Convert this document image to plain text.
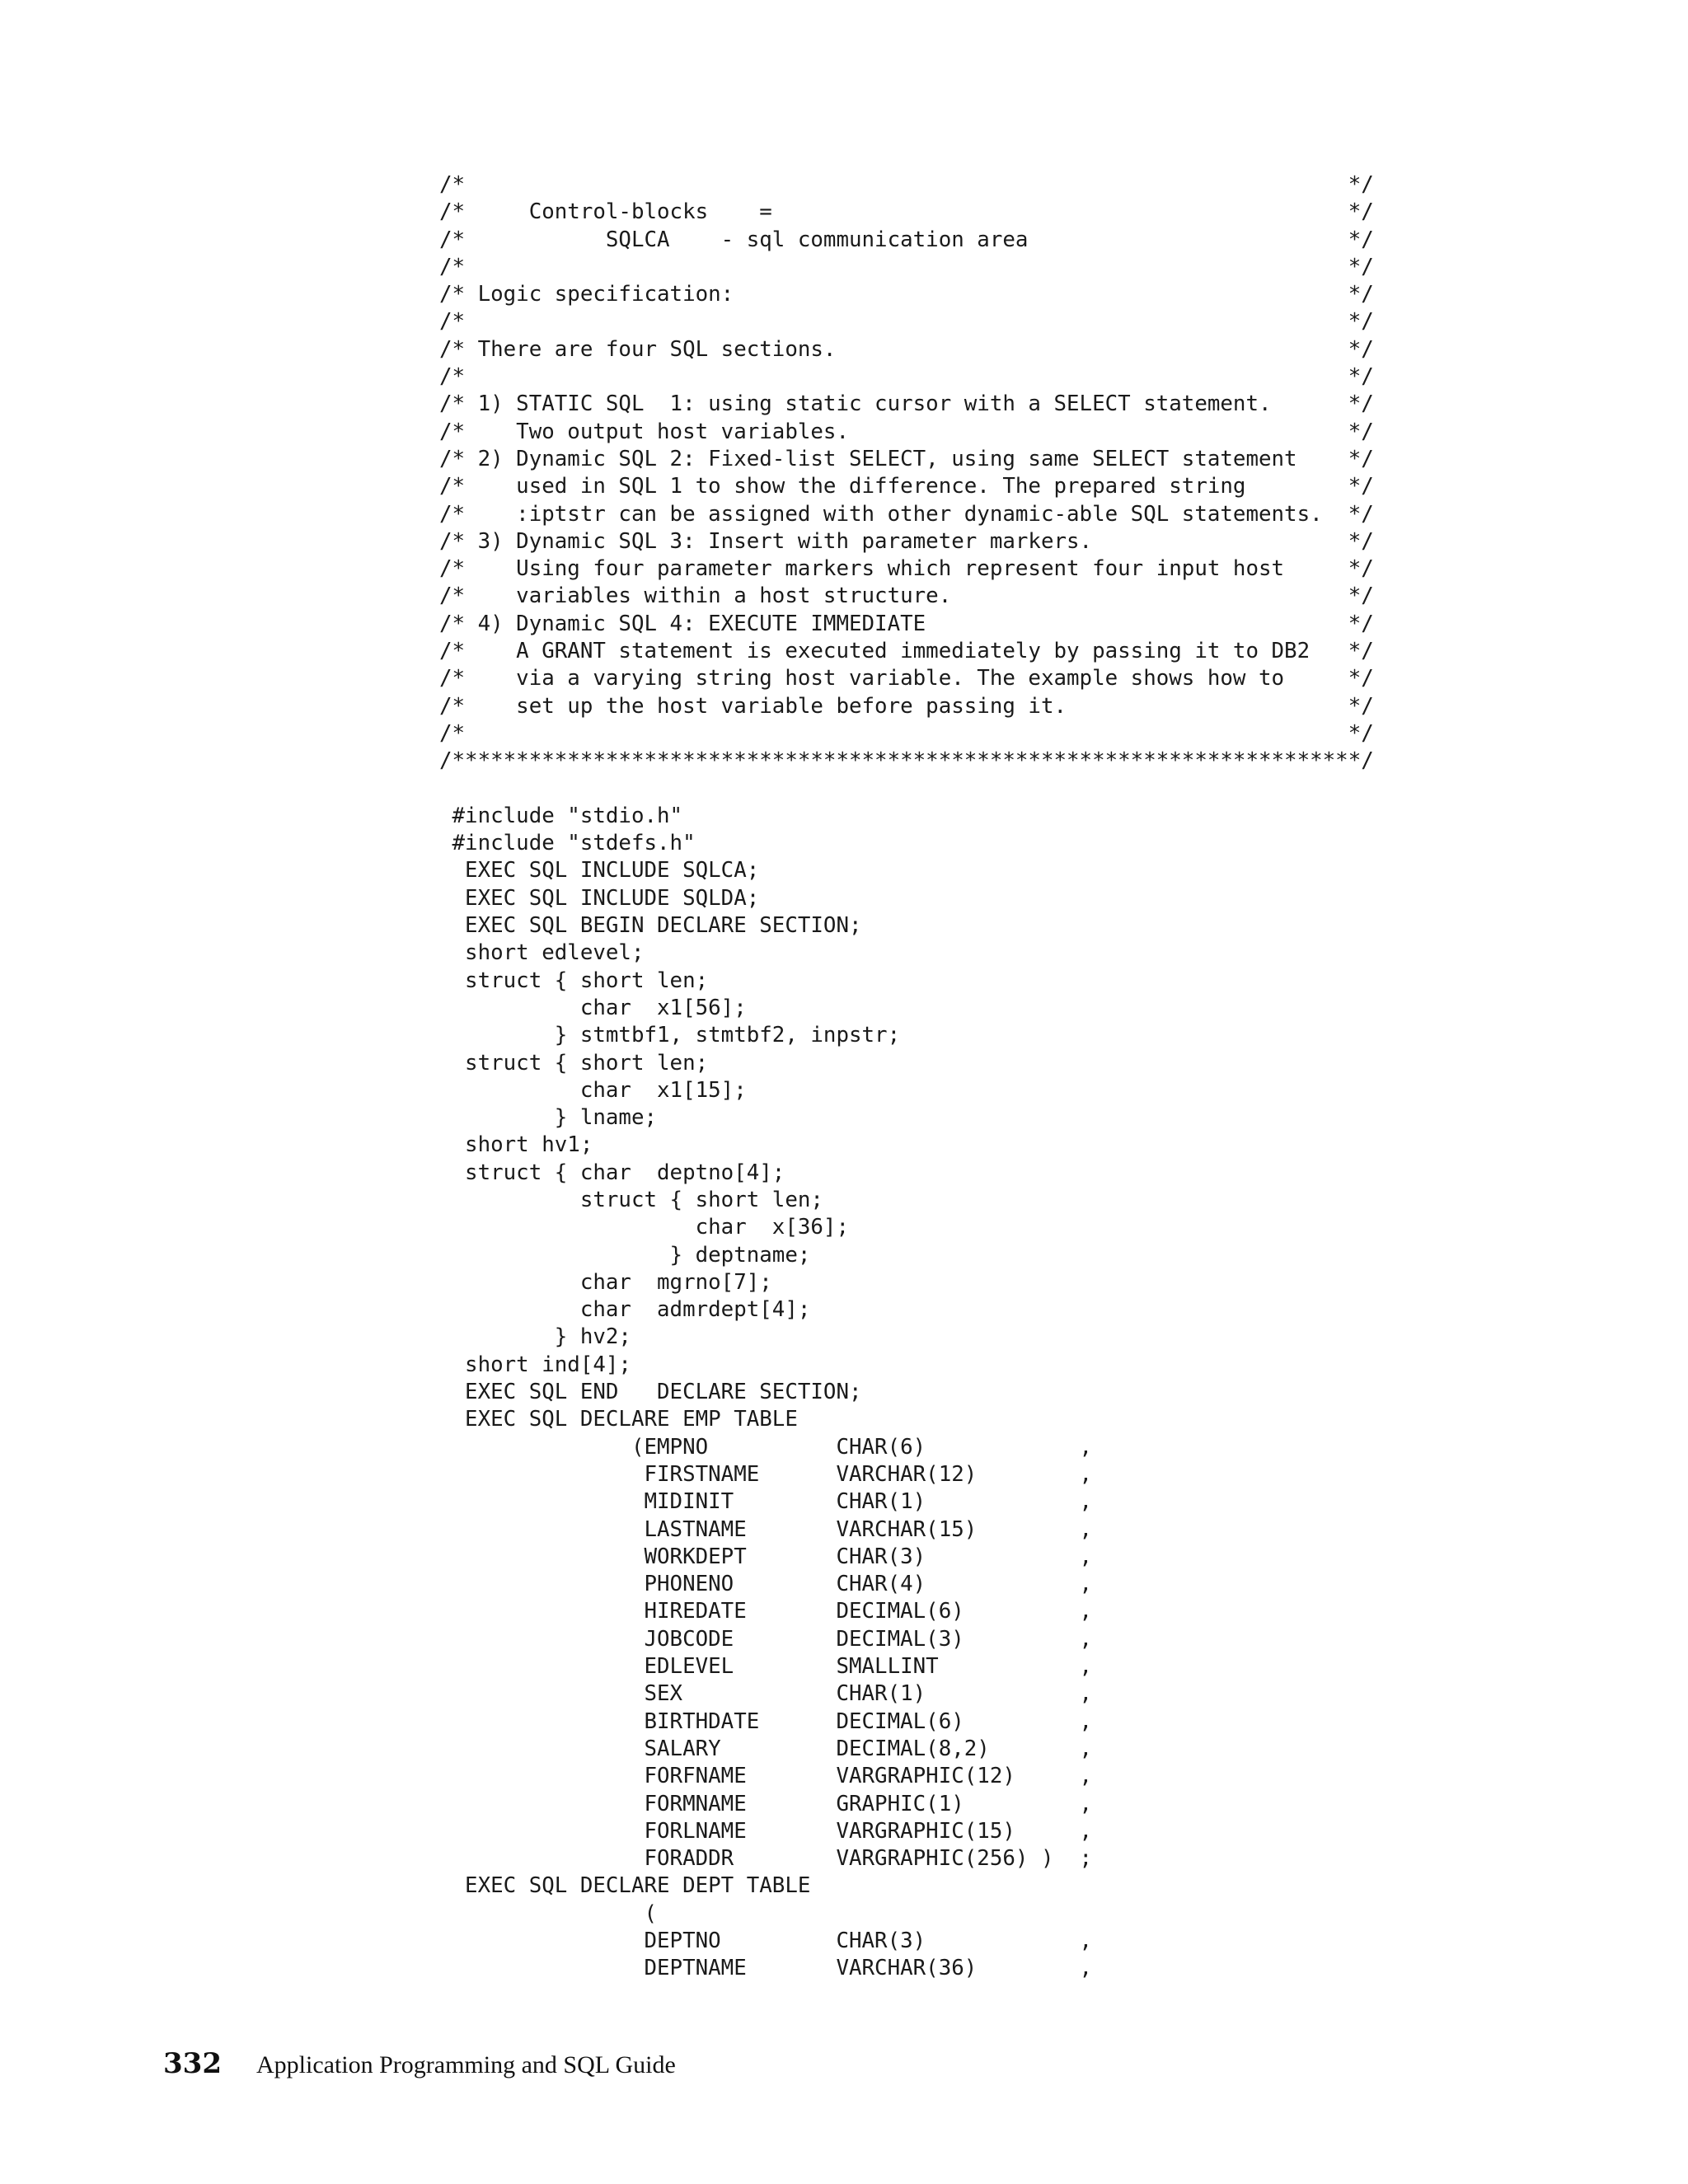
/*                                                                     */
/*     Control-blocks    =                                             */
/*           SQLCA    - sql communication area                         */
/*                                                                     */
/* Logic specification:                                                */
/*                                                                     */
/* There are four SQL sections.                                        */
/*                                                                     */
/* 1) STATIC SQL  1: using static cursor with a SELECT statement.      */
/*    Two output host variables.                                       */
/* 2) Dynamic SQL 2: Fixed-list SELECT, using same SELECT statement    */
/*    used in SQL 1 to show the difference. The prepared string        */
/*    :iptstr can be assigned with other dynamic-able SQL statements.  */
/* 3) Dynamic SQL 3: Insert with parameter markers.                    */
/*    Using four parameter markers which represent four input host     */
/*    variables within a host structure.                               */
/* 4) Dynamic SQL 4: EXECUTE IMMEDIATE                                 */
/*    A GRANT statement is executed immediately by passing it to DB2   */
/*    via a varying string host variable. The example shows how to     */
/*    set up the host variable before passing it.                      */
/*                                                                     */
/***********************************************************************/

#include "stdio.h"
#include "stdefs.h"
EXEC SQL INCLUDE SQLCA;
EXEC SQL INCLUDE SQLDA;
EXEC SQL BEGIN DECLARE SECTION;
short edlevel;
struct { short len;
char  x1[56];
} stmtbf1, stmtbf2, inpstr;
struct { short len;
char  x1[15];
} lname;
short hv1;
struct { char  deptno[4];
struct { short len;
char  x[36];
} deptname;
char  mgrno[7];
char  admrdept[4];
} hv2;
short ind[4];
EXEC SQL END   DECLARE SECTION;
EXEC SQL DECLARE EMP TABLE
(EMPNO          CHAR(6)            ,
FIRSTNAME      VARCHAR(12)        ,
MIDINIT        CHAR(1)            ,
LASTNAME       VARCHAR(15)        ,
WORKDEPT       CHAR(3)            ,
PHONENO        CHAR(4)            ,
HIREDATE       DECIMAL(6)         ,
JOBCODE        DECIMAL(3)         ,
EDLEVEL        SMALLINT           ,
SEX            CHAR(1)            ,
BIRTHDATE      DECIMAL(6)         ,
SALARY         DECIMAL(8,2)       ,
FORFNAME       VARGRAPHIC(12)     ,
FORMNAME       GRAPHIC(1)         ,
FORLNAME       VARGRAPHIC(15)     ,
FORADDR        VARGRAPHIC(256) )  ;
EXEC SQL DECLARE DEPT TABLE
(
DEPTNO         CHAR(3)            ,
DEPTNAME       VARCHAR(36)        ,
332 Application Programming and SQL Guide
